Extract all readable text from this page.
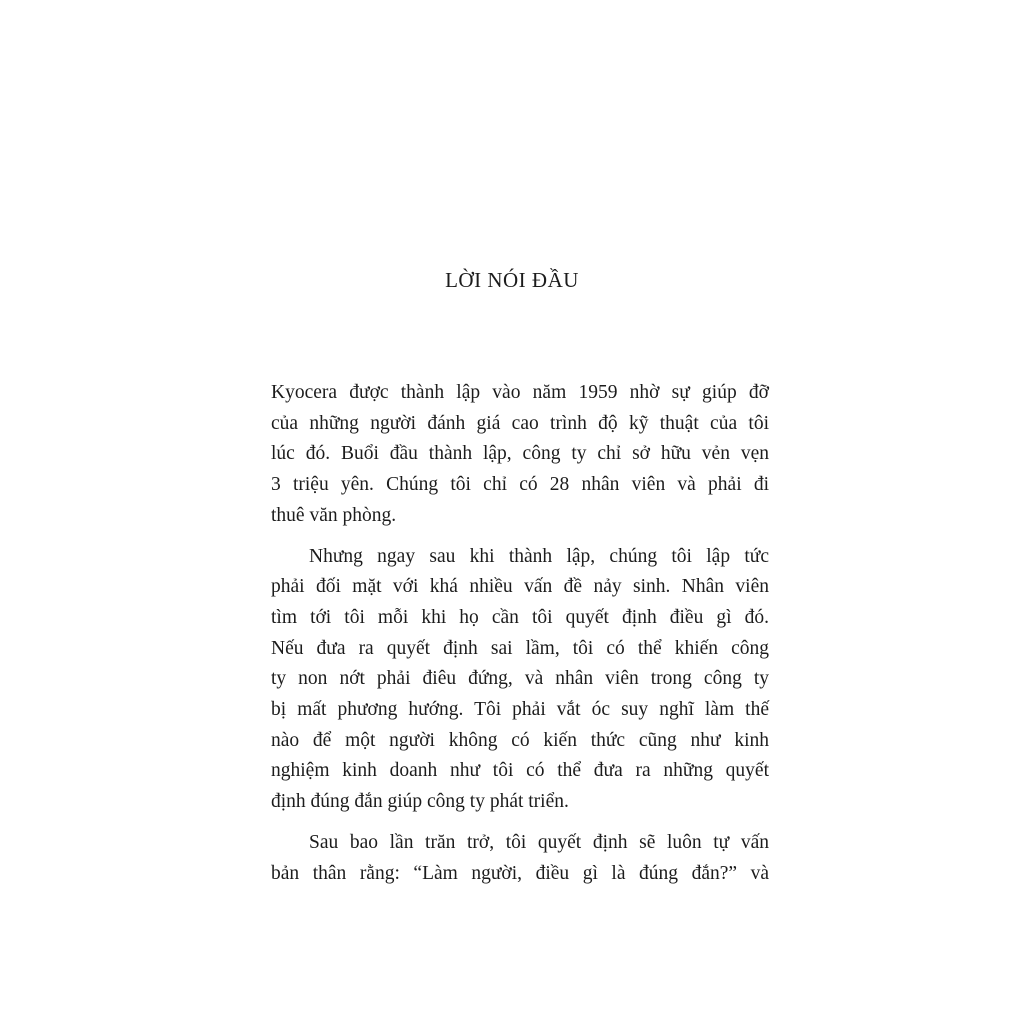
LỜI NÓI ĐẦU

Kyocera được thành lập vào năm 1959 nhờ sự giúp đỡ
của những người đánh giá cao trình độ kỹ thuật của tôi
lúc đó. Buổi đầu thành lập, công ty chỉ sở hữu vẻn vẹn
3 triệu yên. Chúng tôi chỉ có 28 nhân viên và phải đi
thuê văn phòng.

Nhưng ngay sau khi thành lập, chúng tôi lập tức
phải đối mặt với khá nhiều vấn đề nảy sinh. Nhân viên
tìm tới tôi mỗi khi họ cần tôi quyết định điều gì đó.
Nếu đưa ra quyết định sai lầm, tôi có thể khiến công
ty non nớt phải điêu đứng, và nhân viên trong công ty
bị mất phương hướng. Tôi phải vắt óc suy nghĩ làm thế
nào để một người không có kiến thức cũng như kinh
nghiệm kinh doanh như tôi có thể đưa ra những quyết
định đúng đắn giúp công ty phát triển.

Sau bao lần trăn trở, tôi quyết định sẽ luôn tự vấn
bản thân rằng: “Làm người, điều gì là đúng đắn?” và
